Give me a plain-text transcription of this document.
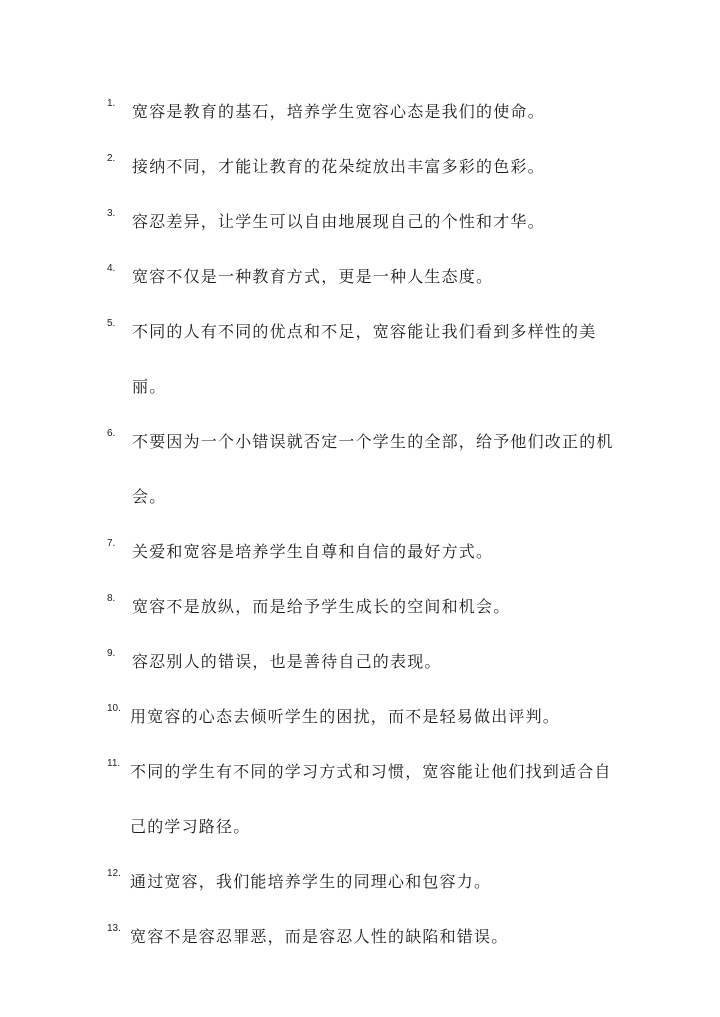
1.	宽容是教育的基石，培养学生宽容心态是我们的使命。
2.	接纳不同，才能让教育的花朵绽放出丰富多彩的色彩。
3.	容忍差异，让学生可以自由地展现自己的个性和才华。
4.	宽容不仅是一种教育方式，更是一种人生态度。
5.	不同的人有不同的优点和不足，宽容能让我们看到多样性的美丽。
6.	不要因为一个小错误就否定一个学生的全部，给予他们改正的机会。
7.	关爱和宽容是培养学生自尊和自信的最好方式。
8.	宽容不是放纵，而是给予学生成长的空间和机会。
9.	容忍别人的错误，也是善待自己的表现。
10. 用宽容的心态去倾听学生的困扰，而不是轻易做出评判。
11. 不同的学生有不同的学习方式和习惯，宽容能让他们找到适合自己的学习路径。
12. 通过宽容，我们能培养学生的同理心和包容力。
13. 宽容不是容忍罪恶，而是容忍人性的缺陷和错误。
